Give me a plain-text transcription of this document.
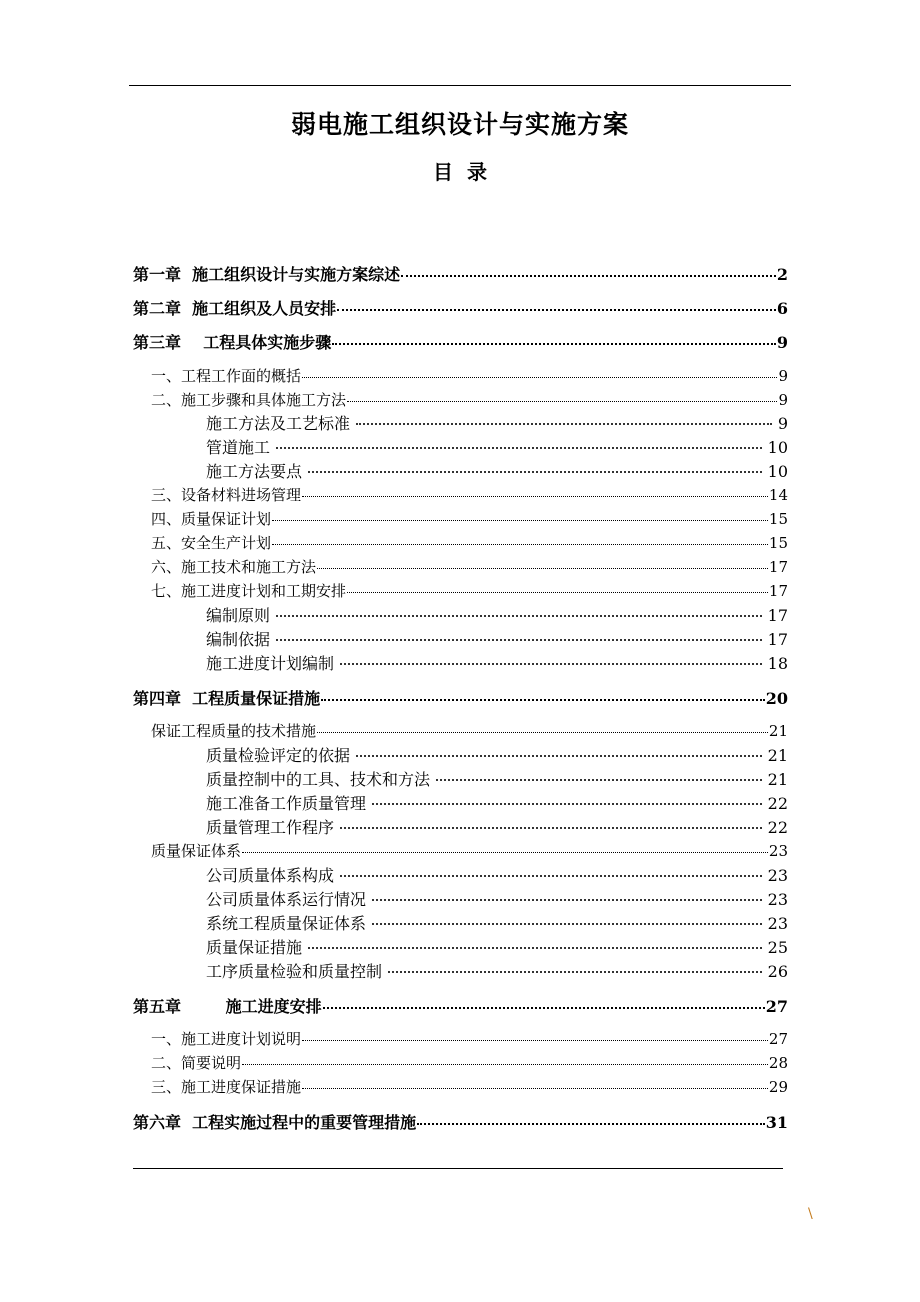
弱电施工组织设计与实施方案
目录
第一章  施工组织设计与实施方案综述	2
第二章  施工组织及人员安排	6
第三章    工程具体实施步骤	9
一、工程工作面的概括	9
二、施工步骤和具体施工方法	9
施工方法及工艺标准	9
管道施工	10
施工方法要点	10
三、设备材料进场管理	14
四、质量保证计划	15
五、安全生产计划	15
六、施工技术和施工方法	17
七、施工进度计划和工期安排	17
编制原则	17
编制依据	17
施工进度计划编制	18
第四章  工程质量保证措施	20
保证工程质量的技术措施	21
质量检验评定的依据	21
质量控制中的工具、技术和方法	21
施工准备工作质量管理	22
质量管理工作程序	22
质量保证体系	23
公司质量体系构成	23
公司质量体系运行情况	23
系统工程质量保证体系	23
质量保证措施	25
工序质量检验和质量控制	26
第五章        施工进度安排	27
一、施工进度计划说明	27
二、简要说明	28
三、施工进度保证措施	29
第六章  工程实施过程中的重要管理措施	31
\
